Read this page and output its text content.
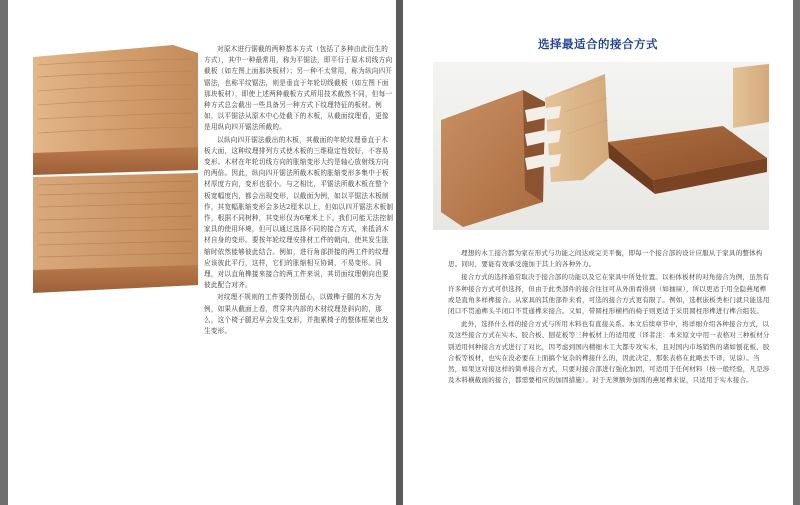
对原木进行锯截的两种基本方式（包括了多种由此衍生的方式），其中一种最常用，称为平锯法，即平行于原木切线方向截板（如左图上面那块板材）；另一种不太常用，称为纵向四开锯法，也称平纹锯法，则是垂直于年轮切线截板（如左图下面那块板材），即使上述两种截板方式所用技术截然不同，但每一种方式总会截出一些具备另一种方式下纹理特征的板材。例如，以平锯法从原木中心处截下的木板，从截面纹理看，更像是用纵向四开锯法所截的。

以纵向四开锯法截出的木板，其截面的年轮纹理垂直于木板大面，这种纹理排列方式使木板的三维稳定性较好，不容易变形。木材在年轮切线方向的胀缩变形大约是轴心放射线方向的两倍。因此，纵向四开锯法所截木板的胀缩变形多集中于板材厚度方向，变形也很小。与之相比，平锯法所截木板在整个板宽幅度内，都会出现变形，以截面为例，如以平锯法木板制作，其宽幅胀缩变形会多达2厘米以上，但如以四开锯法木板制作，根据不同树种，其变形仅为6毫米上下。我们可能无法控制家具的使用环境，但可以通过选择不同的接合方式，来抵消木材自身的变形。要按年轮纹理安排材工件的朝向，使其发生胀缩时依然能够彼此结合。例如，进行角部拼接的两工件的纹理应该彼此平行，这样，它们的胀缩相互协调，不易变形。同理，对以直角榫接来接合的两工件来说，其切面纹理朝向也要彼此配合对齐。

对纹理不规则的工件要特别留心，以做榫子腿的木方为例，如果从截面上看，贯穿其内部的木材纹理是斜向的，那么，这个椅子腿迟早会发生变形，并拖累椅子的整体框架也发生变形。

选择最适合的接合方式

理想的木工接合都为家在形式与功能之间达成完美平衡，即每一个接合部的设计应服从于家具的整体构思。同时，要能有效承受施加于其上的各种外力。

接合方式的选择通常取决于接合部的功能以及它在家具中所处位置。以柜体板材的对角接合为例，虽然有许多种接合方式可供选择，但由于此类部件的接合往往可从外面看得到（如抽屉），所以更适于用全隐燕尾榫或是直角多样榫接合。从家具的其他部件来看，可选的接合方式更有限了。例如，选框嵌板类柜门就只能选用闭口不贯通榫头半闭口不贯通榫来接合。又如，带圆柱形横档的椅子则更适于采用圆柱形榫进行榫合组装。

此外，选择什么样的接合方式与所用木料也有直接关系。本文后续章节中，将详细介绍各种接合方式，以及这些接合方式在实木、胶合板、刨花板等三种板材上的适用度（译者注：本来原文中用一表格对三种板材分别适用何种接合方式进行了对比，因考虑到国内精细木工大都专攻实木，且对国内市场销售的诸如刨花板、胶合板等板材，也实在没必要在上面搞个复杂的榫接什么的，因此决定，那张表格在此略去不译，见谅）。当然，如果这对接这样的简单接合方式，只要对接合部进行强化加固，可适用于任何材料（按一般经验，凡是涉及木料横截面的接合，都需要相应的加固措施）。对于无须额外加固的燕尾榫来说，只适用于实木接合。
